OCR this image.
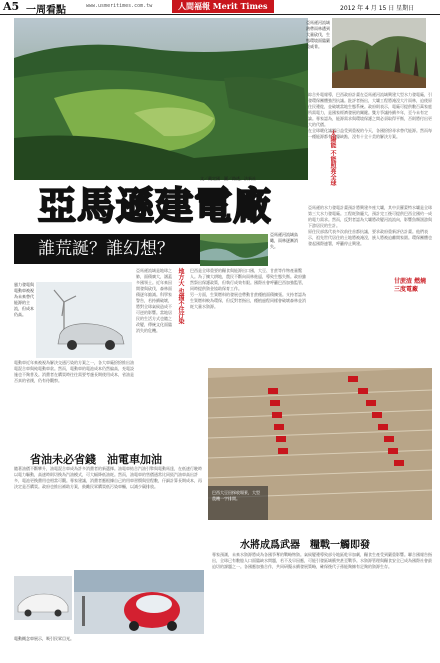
A5 一周看點	www.usmeritimes.com.tw	人間福報 Merit Times	2012 年 4 月 15 日 星期日
文／戴定國　圖／路透、法新社
亞馬遜河流域熱帶雨林遭到大量砍伐，生態環境面臨嚴重威脅。

綜合外電報導，巴西政府計畫在亞馬遜河流域興建大型水力發電廠，引發環保團體強烈抗議。批評者指出，大壩工程將淹沒大片雨林，迫使原住民遷徙，並破壞當地生態系統。政府則表示，電廠可提供數百萬家庭所需電力，是國家經濟發展的關鍵。雙方爭議持續多年，至今未有定論。專家認為，能源需求與環境保護之間必須取得平衡，否則將付出更大的代價。

在全球暖化議題日益受到重視的今天，各國紛紛尋求替代能源。然而每一種能源都有其優缺點，沒有十全十美的解決方案。

太陽能 不能照亮全球
亞馬遜建電廠
誰荒誕？誰幻想？
亞馬遜河流域鳥瞰，雨林逐漸消失。
風力發電與電動車被視為未來替代能源的主流，但成本仍高。

電動車近年來被視為解決交通污染的方案之一，各大車廠紛紛推出油電混合車與純電動車款。然而，電動車的電池成本仍然偏高，充電設施也不夠普及。消費者在購買時往往需要考慮長期使用成本，省油是否真的省錢，仍有待觀察。

地方大 也擋不住汙染

亞馬遜流域是地球之肺，面積廣大，涵蓋多國領土。近年來因開發與砍伐，森林面積逐年縮減。科學家警告，若持續破壞，將對全球氣候造成不可逆的影響。當地居民的生活方式也隨之改變，傳統文化面臨消失的危機。

巴西是全球重要的糧食與能源出口國，大豆、甘蔗等作物產量驚人。為了擴大耕地，農民不斷向雨林進逼，導致生態失衡。政府雖然祭出保護政策，但執行成效有限。國際社會呼籲巴西加強監管，同時提供資金協助保育工作。

另一方面，生質燃料的發展也帶動甘蔗種植面積擴張。支持者認為生質燃料較為環保，但反對者指出，種植過程同樣會破壞森林並消耗大量水資源。

亞馬遜的水力發電計畫預計將興建多座大壩，其中貝羅蒙特水壩是全球第三大水力發電廠。工程耗資龐大，預計完工後可提供巴西全國約一成的電力需求。然而，反對者認為大壩將改變河流流向，影響魚類洄游與下游居民的生計。

原住民部落代表多次前往首都抗議，要求政府重新評估計畫。他們表示，祖先世代居住的土地將被淹沒，族人將被迫離開家園。環保團體也發起國際連署，呼籲停止興建。

甘蔗渣 燃燒三度電廠
巴西大豆田採收場景，大型農機一字排開。
省油未必省錢　油電車加油
水將成爲武器　糧戰一觸即發

隨著油價不斷攀升，油電混合車成為許多消費者的新選擇。油電車結合汽油引擎與電動馬達，在低速行駛時以電力驅動，高速時則切換為汽油模式，可大幅降低油耗。然而，油電車的售價通常比同級汽油車高出許多，電池更換費用也相當可觀。專家建議，消費者應根據自己的用車習慣與里程數，仔細計算長期成本，再決定是否購買。政府也推出補助方案，鼓勵民眾購買低污染車輛，以減少碳排放。

專家預測，未來水資源將成為各國爭奪的戰略物資。氣候變遷導致部分地區乾旱加劇，糧食生產受到嚴重影響。聯合國報告指出，全球已有數億人口面臨缺水問題，若不及早因應，可能引發區域衝突甚至戰爭。水資源管理與糧食安全已成為國際社會最迫切的課題之一。各國應加強合作，共同研擬永續發展策略，確保後代子孫能夠擁有足夠的資源生存。

電動概念車展示，吸引民眾目光。
